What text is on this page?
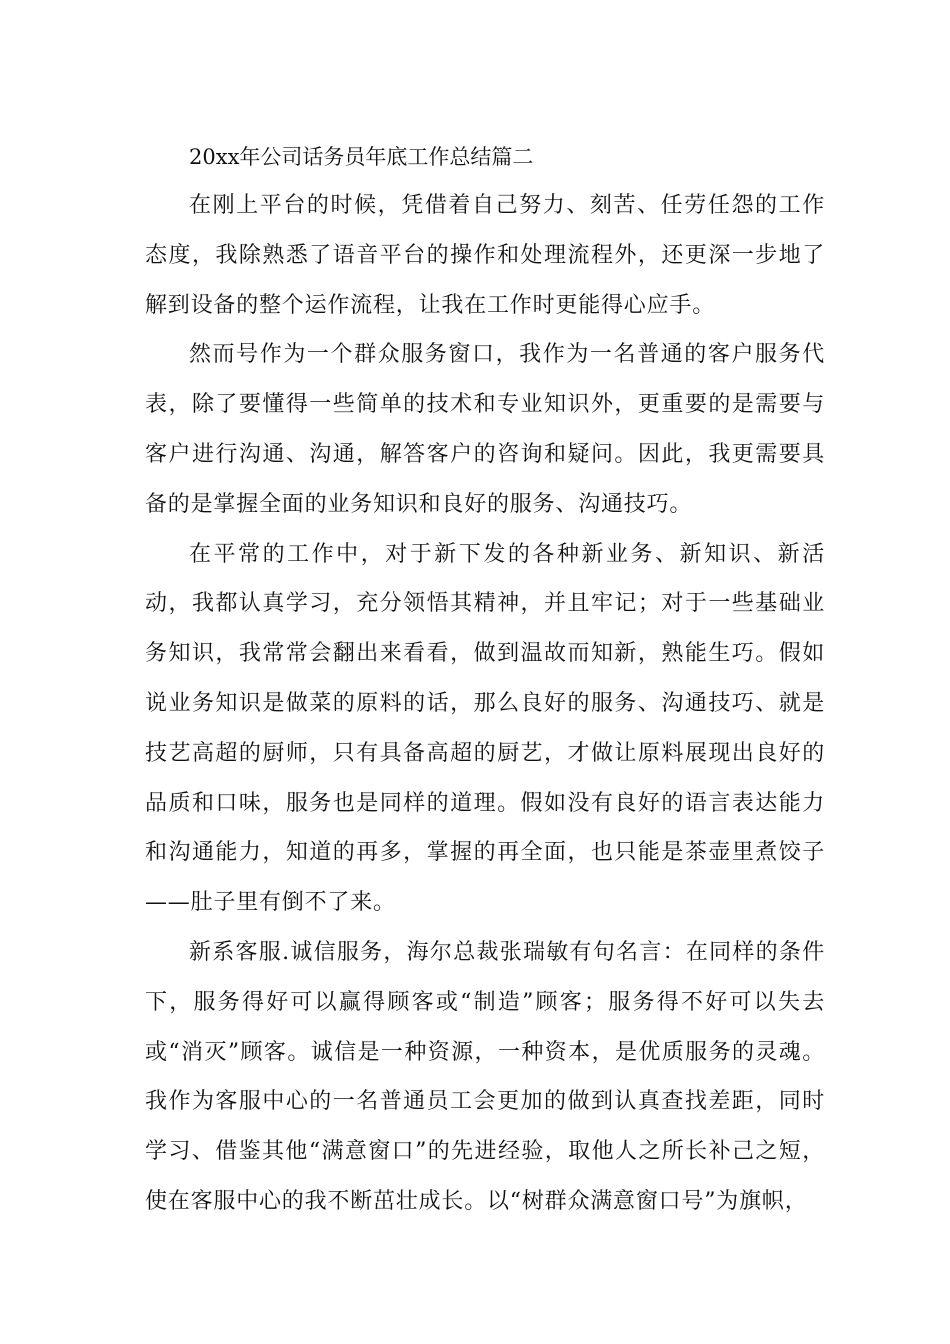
20xx年公司话务员年底工作总结篇二

在刚上平台的时候，凭借着自己努力、刻苦、任劳任怨的工作态度，我除熟悉了语音平台的操作和处理流程外，还更深一步地了解到设备的整个运作流程，让我在工作时更能得心应手。

然而号作为一个群众服务窗口，我作为一名普通的客户服务代表，除了要懂得一些简单的技术和专业知识外，更重要的是需要与客户进行沟通、沟通，解答客户的咨询和疑问。因此，我更需要具备的是掌握全面的业务知识和良好的服务、沟通技巧。

在平常的工作中，对于新下发的各种新业务、新知识、新活动，我都认真学习，充分领悟其精神，并且牢记；对于一些基础业务知识，我常常会翻出来看看，做到温故而知新，熟能生巧。假如说业务知识是做菜的原料的话，那么良好的服务、沟通技巧、就是技艺高超的厨师，只有具备高超的厨艺，才做让原料展现出良好的品质和口味，服务也是同样的道理。假如没有良好的语言表达能力和沟通能力，知道的再多，掌握的再全面，也只能是茶壶里煮饺子——肚子里有倒不了来。

新系客服.诚信服务，海尔总裁张瑞敏有句名言：在同样的条件下，服务得好可以赢得顾客或“制造”顾客；服务得不好可以失去或“消灭”顾客。诚信是一种资源，一种资本，是优质服务的灵魂。我作为客服中心的一名普通员工会更加的做到认真查找差距，同时学习、借鉴其他“满意窗口”的先进经验，取他人之所长补己之短，使在客服中心的我不断茁壮成长。以“树群众满意窗口号”为旗帜，
